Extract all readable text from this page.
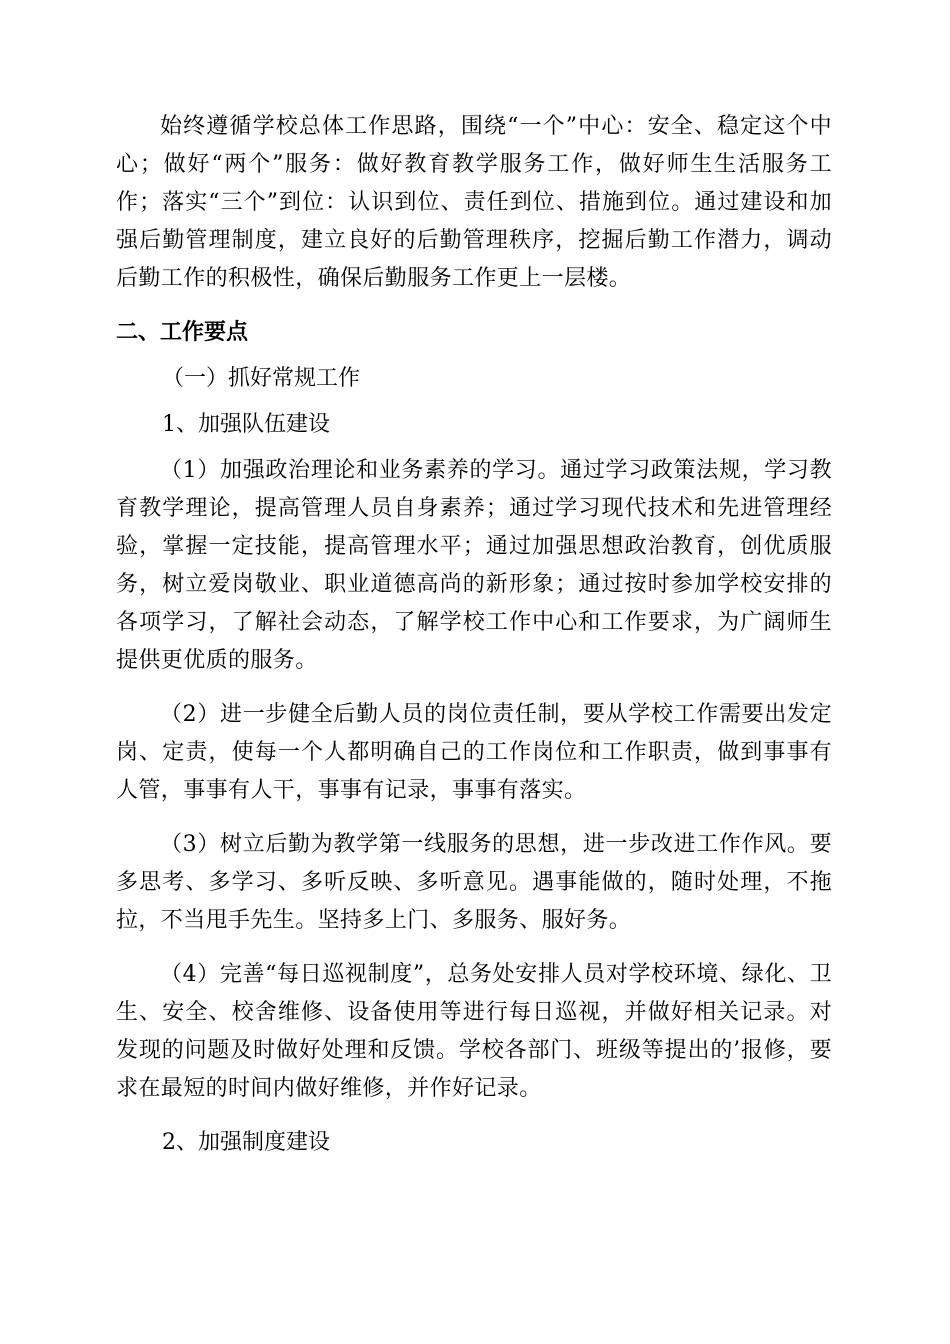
始终遵循学校总体工作思路，围绕“一个”中心：安全、稳定这个中心；做好“两个”服务：做好教育教学服务工作，做好师生生活服务工作；落实“三个”到位：认识到位、责任到位、措施到位。通过建设和加强后勤管理制度，建立良好的后勤管理秩序，挖掘后勤工作潜力，调动后勤工作的积极性，确保后勤服务工作更上一层楼。

二、工作要点

（一）抓好常规工作

1、加强队伍建设

（1）加强政治理论和业务素养的学习。通过学习政策法规，学习教育教学理论，提高管理人员自身素养；通过学习现代技术和先进管理经验，掌握一定技能，提高管理水平；通过加强思想政治教育，创优质服务，树立爱岗敬业、职业道德高尚的新形象；通过按时参加学校安排的各项学习，了解社会动态，了解学校工作中心和工作要求，为广阔师生提供更优质的服务。

（2）进一步健全后勤人员的岗位责任制，要从学校工作需要出发定岗、定责，使每一个人都明确自己的工作岗位和工作职责，做到事事有人管，事事有人干，事事有记录，事事有落实。

（3）树立后勤为教学第一线服务的思想，进一步改进工作作风。要多思考、多学习、多听反映、多听意见。遇事能做的，随时处理，不拖拉，不当甩手先生。坚持多上门、多服务、服好务。

（4）完善“每日巡视制度”，总务处安排人员对学校环境、绿化、卫生、安全、校舍维修、设备使用等进行每日巡视，并做好相关记录。对发现的问题及时做好处理和反馈。学校各部门、班级等提出的’报修，要求在最短的时间内做好维修，并作好记录。

2、加强制度建设
